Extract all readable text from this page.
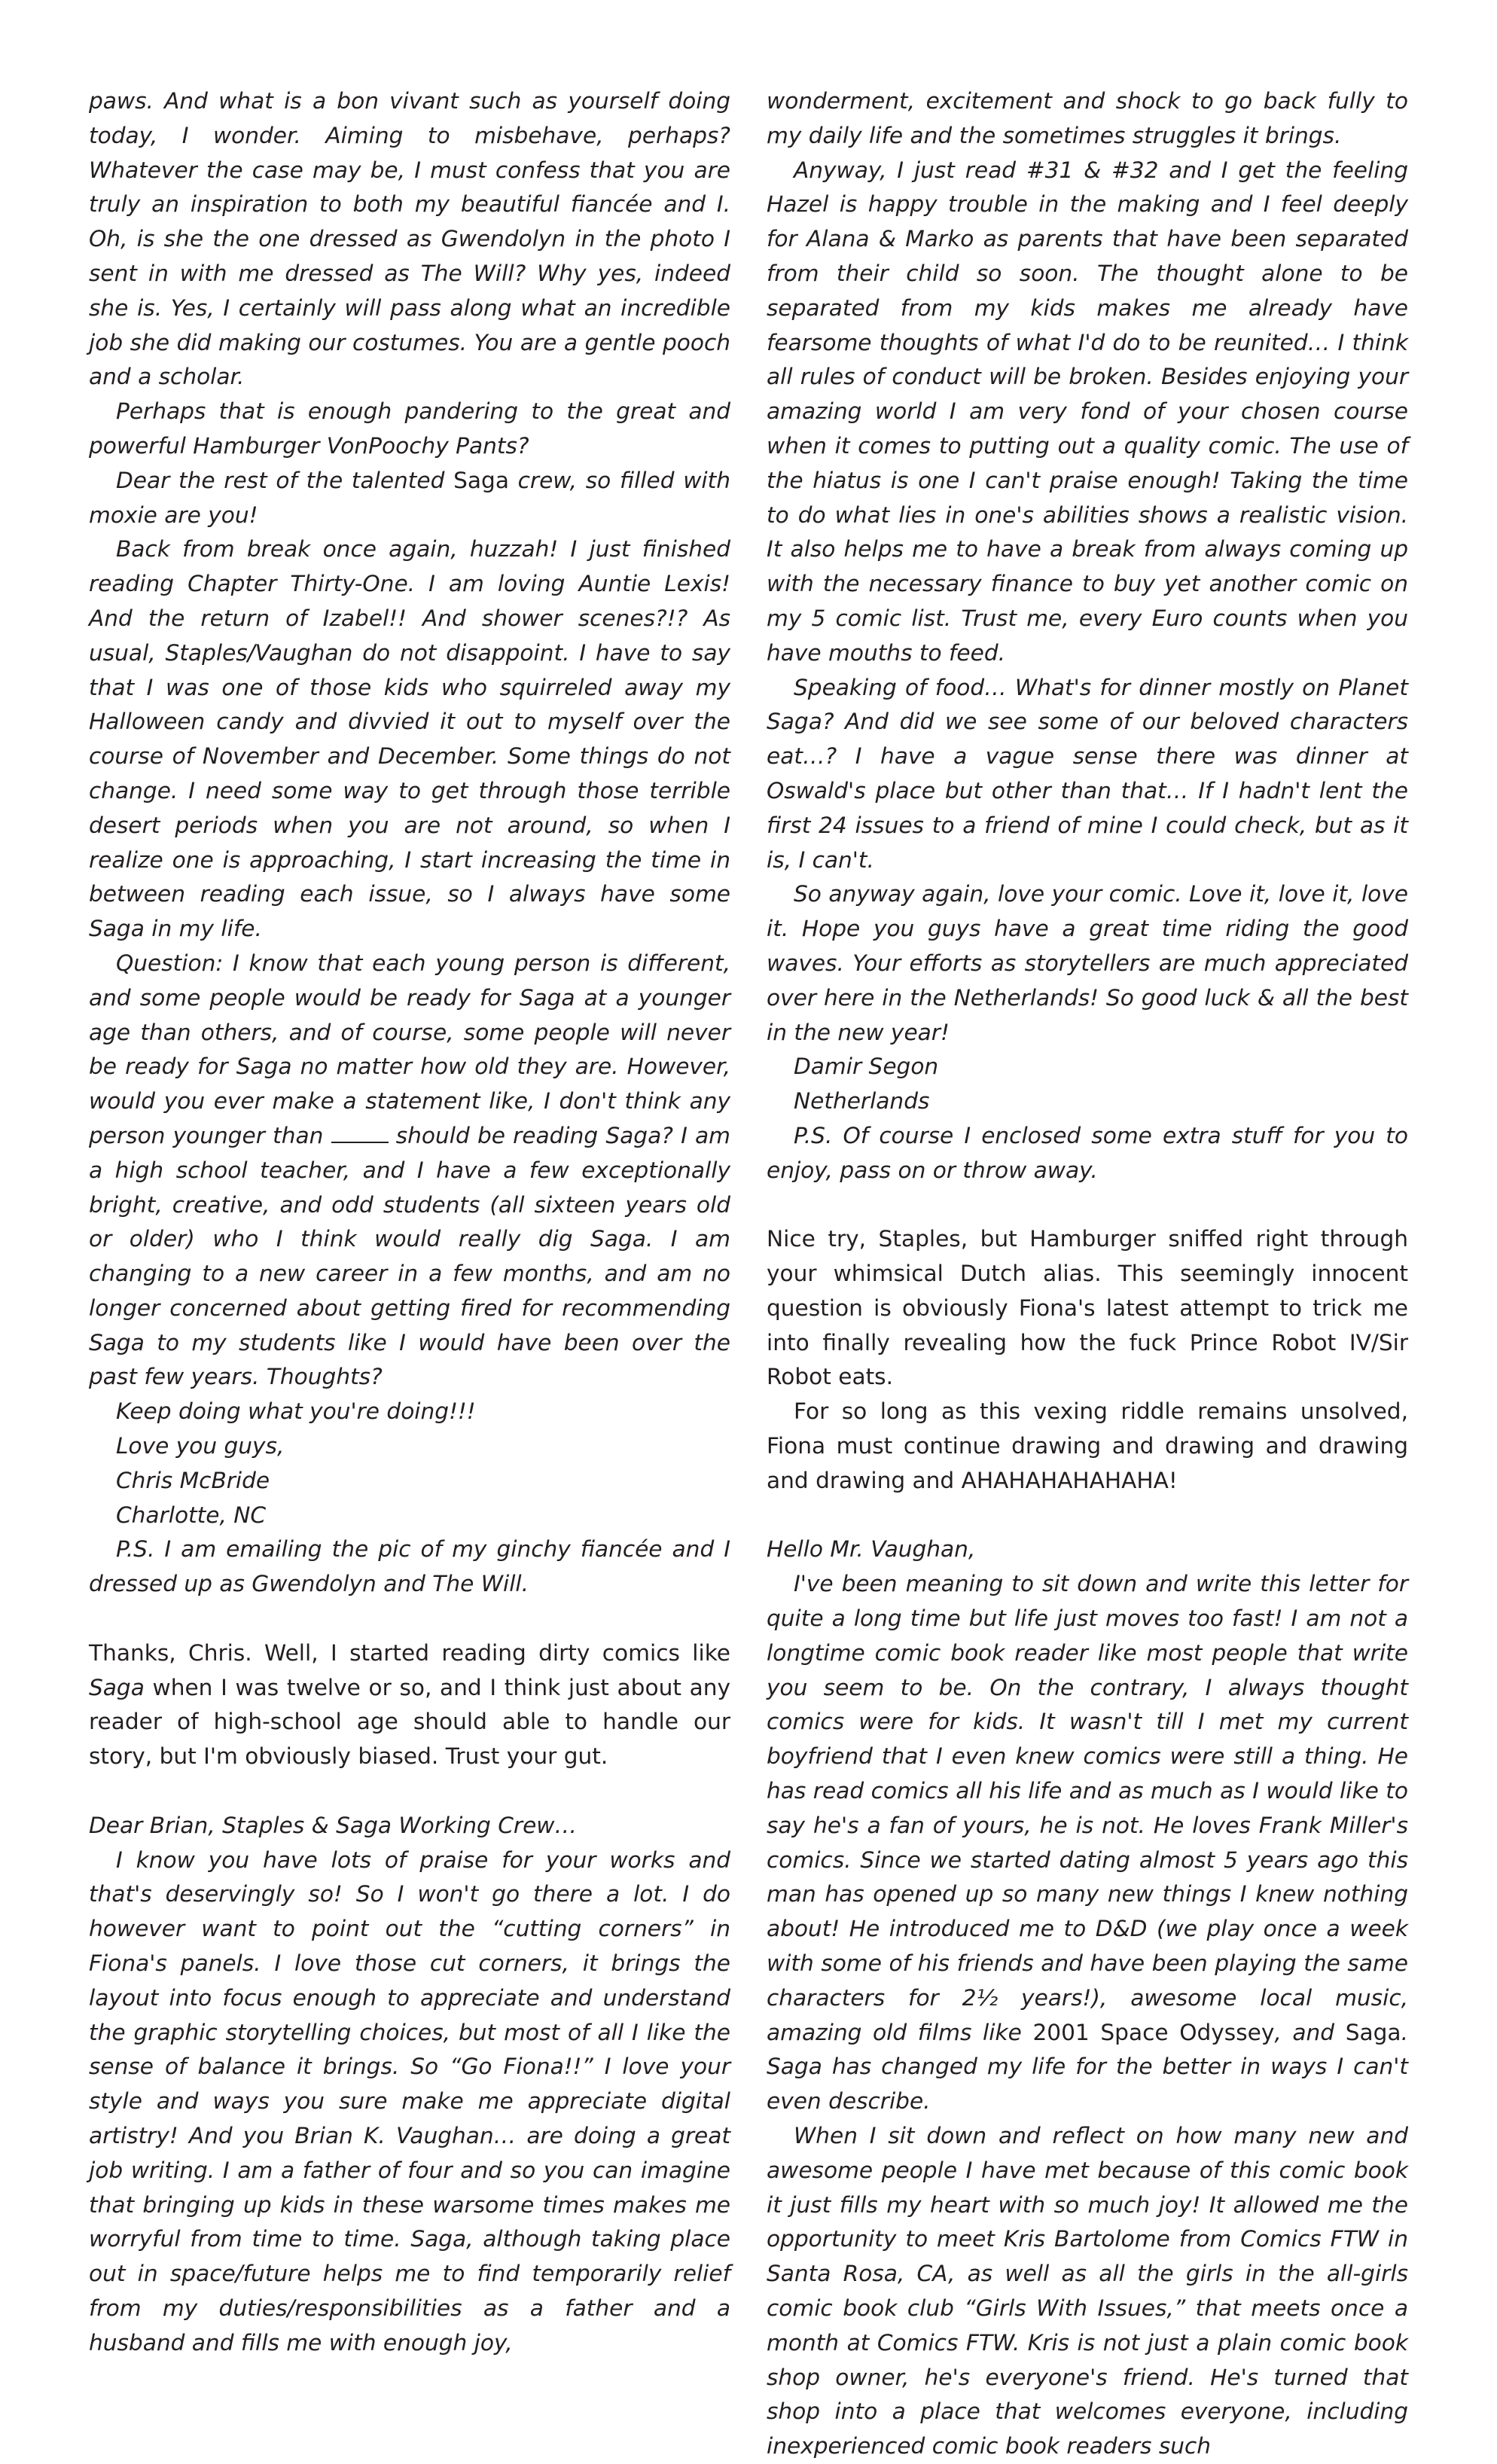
paws. And what is a bon vivant such as yourself doing today, I wonder. Aiming to misbehave, perhaps? Whatever the case may be, I must confess that you are truly an inspiration to both my beautiful fiancée and I. Oh, is she the one dressed as Gwendolyn in the photo I sent in with me dressed as The Will? Why yes, indeed she is. Yes, I certainly will pass along what an incredible job she did making our costumes. You are a gentle pooch and a scholar.

Perhaps that is enough pandering to the great and powerful Hamburger VonPoochy Pants?

Dear the rest of the talented Saga crew, so filled with moxie are you!

Back from break once again, huzzah! I just finished reading Chapter Thirty-One. I am loving Auntie Lexis! And the return of Izabel!! And shower scenes?!? As usual, Staples/Vaughan do not disappoint. I have to say that I was one of those kids who squirreled away my Halloween candy and divvied it out to myself over the course of November and December. Some things do not change. I need some way to get through those terrible desert periods when you are not around, so when I realize one is approaching, I start increasing the time in between reading each issue, so I always have some Saga in my life.

Question: I know that each young person is different, and some people would be ready for Saga at a younger age than others, and of course, some people will never be ready for Saga no matter how old they are. However, would you ever make a statement like, I don't think any person younger than	should be reading Saga? I am a high school teacher, and I have a few exceptionally bright, creative, and odd students (all sixteen years old or older) who I think would really dig Saga. I am changing to a new career in a few months, and am no longer concerned about getting fired for recommending Saga to my students like I would have been over the past few years. Thoughts?

Keep doing what you're doing!!!

Love you guys,

Chris McBride

Charlotte, NC

P.S. I am emailing the pic of my ginchy fiancée and I dressed up as Gwendolyn and The Will.

Thanks, Chris. Well, I started reading dirty comics like Saga when I was twelve or so, and I think just about any reader of high-school age should able to handle our story, but I'm obviously biased. Trust your gut.

Dear Brian, Staples & Saga Working Crew…

I know you have lots of praise for your works and that's deservingly so! So I won't go there a lot. I do however want to point out the “cutting corners” in Fiona's panels. I love those cut corners, it brings the layout into focus enough to appreciate and understand the graphic storytelling choices, but most of all I like the sense of balance it brings. So “Go Fiona!!” I love your style and ways you sure make me appreciate digital artistry! And you Brian K. Vaughan… are doing a great job writing. I am a father of four and so you can imagine that bringing up kids in these warsome times makes me worryful from time to time. Saga, although taking place out in space/future helps me to find temporarily relief from my duties/responsibilities as a father and a husband and fills me with enough joy,

wonderment, excitement and shock to go back fully to my daily life and the sometimes struggles it brings.

Anyway, I just read #31 & #32 and I get the feeling Hazel is happy trouble in the making and I feel deeply for Alana & Marko as parents that have been separated from their child so soon. The thought alone to be separated from my kids makes me already have fearsome thoughts of what I'd do to be reunited… I think all rules of conduct will be broken. Besides enjoying your amazing world I am very fond of your chosen course when it comes to putting out a quality comic. The use of the hiatus is one I can't praise enough! Taking the time to do what lies in one's abilities shows a realistic vision. It also helps me to have a break from always coming up with the necessary finance to buy yet another comic on my 5 comic list. Trust me, every Euro counts when you have mouths to feed.

Speaking of food… What's for dinner mostly on Planet Saga? And did we see some of our beloved characters eat…? I have a vague sense there was dinner at Oswald's place but other than that… If I hadn't lent the first 24 issues to a friend of mine I could check, but as it is, I can't.

So anyway again, love your comic. Love it, love it, love it. Hope you guys have a great time riding the good waves. Your efforts as storytellers are much appreciated over here in the Netherlands! So good luck & all the best in the new year!

Damir Segon

Netherlands

P.S. Of course I enclosed some extra stuff for you to enjoy, pass on or throw away.

Nice try, Staples, but Hamburger sniffed right through your whimsical Dutch alias. This seemingly innocent question is obviously Fiona's latest attempt to trick me into finally revealing how the fuck Prince Robot IV/Sir Robot eats.

For so long as this vexing riddle remains unsolved, Fiona must continue drawing and drawing and drawing and drawing and AHAHAHAHAHAHA!

Hello Mr. Vaughan,

I've been meaning to sit down and write this letter for quite a long time but life just moves too fast! I am not a longtime comic book reader like most people that write you seem to be. On the contrary, I always thought comics were for kids. It wasn't till I met my current boyfriend that I even knew comics were still a thing. He has read comics all his life and as much as I would like to say he's a fan of yours, he is not. He loves Frank Miller's comics. Since we started dating almost 5 years ago this man has opened up so many new things I knew nothing about! He introduced me to D&D (we play once a week with some of his friends and have been playing the same characters for 2½ years!), awesome local music, amazing old films like 2001 Space Odyssey, and Saga. Saga has changed my life for the better in ways I can't even describe.

When I sit down and reflect on how many new and awesome people I have met because of this comic book it just fills my heart with so much joy! It allowed me the opportunity to meet Kris Bartolome from Comics FTW in Santa Rosa, CA, as well as all the girls in the all-girls comic book club “Girls With Issues,” that meets once a month at Comics FTW. Kris is not just a plain comic book shop owner, he's everyone's friend. He's turned that shop into a place that welcomes everyone, including inexperienced comic book readers such
